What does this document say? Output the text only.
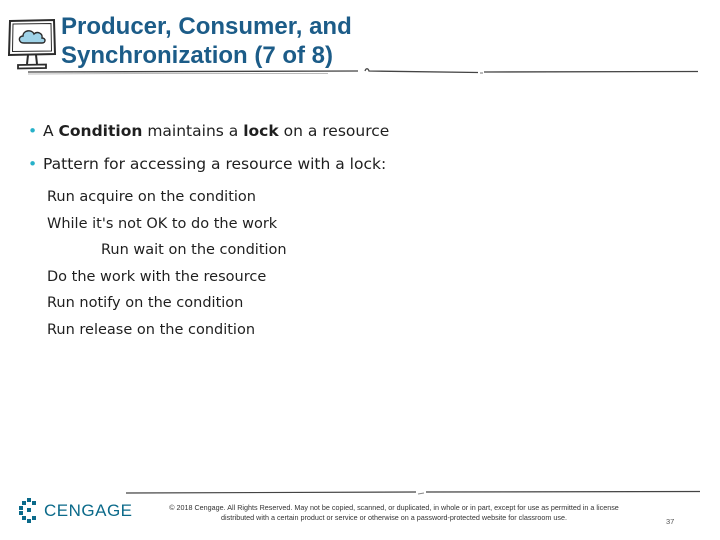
Producer, Consumer, and
Synchronization (7 of 8)
• A Condition maintains a lock on a resource
• Pattern for accessing a resource with a lock:
Run acquire on the condition
While it's not OK to do the work
Run wait on the condition
Do the work with the resource
Run notify on the condition
Run release on the condition
CENGAGE	© 2018 Cengage. All Rights Reserved. May not be copied, scanned, or duplicated, in whole or in part, except for use as permitted in a license
distributed with a certain product or service or otherwise on a password-protected website for classroom use.	37
